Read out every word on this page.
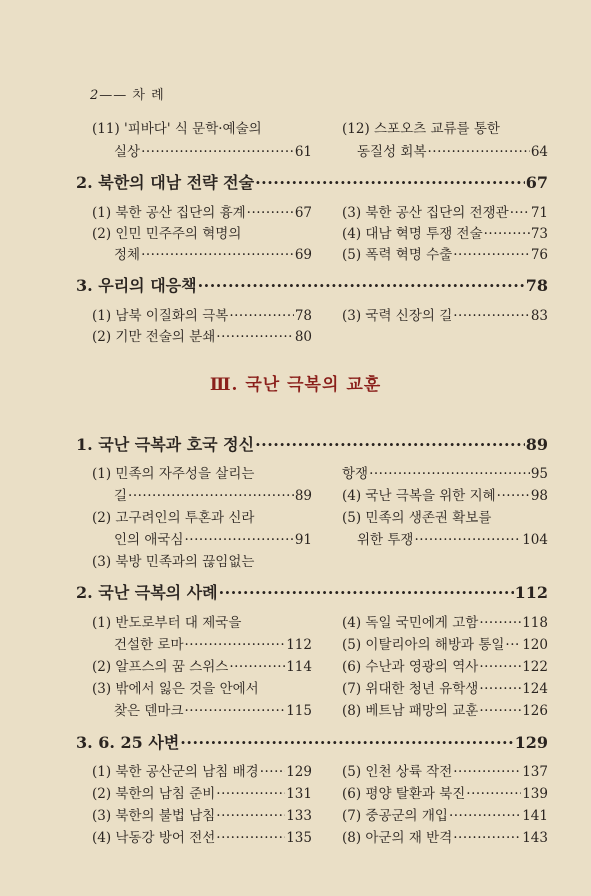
2—— 차 례
Ⅲ. 국난 극복의 교훈
(11) '피바다' 식 문학·예술의
실상 ·····	61
(12) 스포오츠 교류를 통한
동질성 회복 ·····	64
2. 북한의 대남 전략 전술 ·····	67
(1) 북한 공산 집단의 흉계 ·····	67 (3) 북한 공산 집단의 전쟁관 ····· 71
(2) 인민 민주주의 혁명의	(4) 대남 혁명 투쟁 전술 ·····	73
정체 ·····	69 (5) 폭력 혁명 수출 ·····	76
3. 우리의 대응책 ·····	78
(1) 남북 이질화의 극복 ·····	78 (3) 국력 신장의 길 ·····	83
(2) 기만 전술의 분쇄 ·····	80
1. 국난 극복과 호국 정신 ·····	89
(1) 민족의 자주성을 살리는	항쟁 ·····	95
길 ·····	89 (4) 국난 극복을 위한 지혜 ·····	98
(2) 고구려인의 투혼과 신라	(5) 민족의 생존권 확보를
인의 애국심 ·····	91	위한 투쟁 ·····	104
(3) 북방 민족과의 끊임없는
2. 국난 극복의 사례 ·····	112
(1) 반도로부터 대 제국을	(4) 독일 국민에게 고함 ·····	118
건설한 로마 ·····	112 (5) 이탈리아의 해방과 통일 ····· 120
(2) 알프스의 꿈 스위스 ·····	114 (6) 수난과 영광의 역사 ·····	122
(3) 밖에서 잃은 것을 안에서	(7) 위대한 청년 유학생 ·····	124
찾은 덴마크 ·····	115 (8) 베트남 패망의 교훈 ·····	126
3. 6. 25 사변 ·····	129
(1) 북한 공산군의 남침 배경 ····· 129 (5) 인천 상륙 작전 ·····	137
(2) 북한의 남침 준비 ·····	131 (6) 평양 탈환과 북진 ·····	139
(3) 북한의 불법 남침 ·····	133 (7) 중공군의 개입 ·····	141
(4) 낙동강 방어 전선 ·····	135 (8) 아군의 재 반격 ·····	143
